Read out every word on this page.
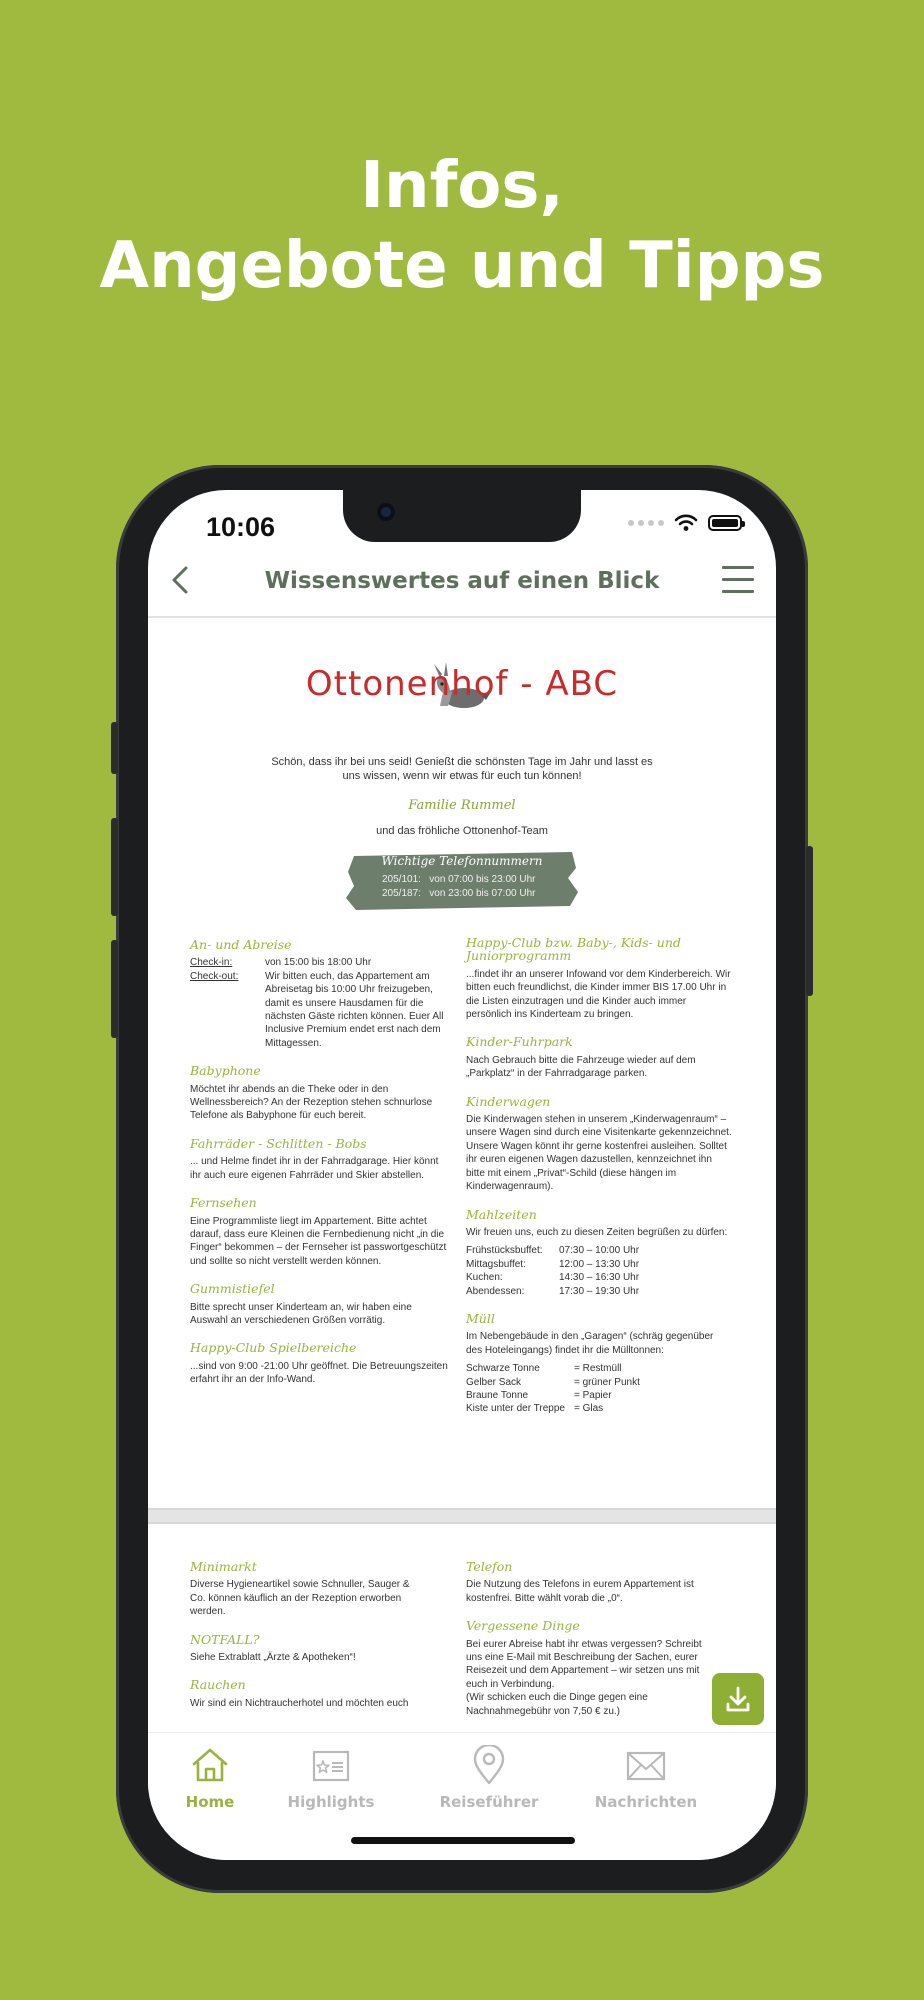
Infos,
Angebote und Tipps
10:06
Wissenswertes auf einen Blick
Ottonenhof - ABC
Schön, dass ihr bei uns seid! Genießt die schönsten Tage im Jahr und lasst es uns wissen, wenn wir etwas für euch tun können!
Familie Rummel
und das fröhliche Ottonenhof-Team
Wichtige Telefonnummern
205/101: von 07:00 bis 23:00 Uhr
205/187: von 23:00 bis 07:00 Uhr
An- und Abreise
Check-in:	von 15:00 bis 18:00 Uhr
Check-out:	Wir bitten euch, das Appartement am Abreisetag bis 10:00 Uhr freizugeben, damit es unsere Hausdamen für die nächsten Gäste richten können. Euer All Inclusive Premium endet erst nach dem Mittagessen.
Babyphone

Möchtet ihr abends an die Theke oder in den Wellnessbereich? An der Rezeption stehen schnurlose Telefone als Babyphone für euch bereit.

Fahrräder - Schlitten - Bobs

... und Helme findet ihr in der Fahrradgarage. Hier könnt ihr auch eure eigenen Fahrräder und Skier abstellen.

Fernsehen

Eine Programmliste liegt im Appartement. Bitte achtet darauf, dass eure Kleinen die Fernbedienung nicht „in die Finger“ bekommen – der Fernseher ist passwortgeschützt und sollte so nicht verstellt werden können.

Gummistiefel

Bitte sprecht unser Kinderteam an, wir haben eine Auswahl an verschiedenen Größen vorrätig.

Happy-Club Spielbereiche

...sind von 9:00 -21:00 Uhr geöffnet. Die Betreuungszeiten erfahrt ihr an der Info-Wand.

Happy-Club bzw. Baby-, Kids- und Juniorprogramm

...findet ihr an unserer Infowand vor dem Kinderbereich. Wir bitten euch freundlichst, die Kinder immer BIS 17.00 Uhr in die Listen einzutragen und die Kinder auch immer persönlich ins Kinderteam zu bringen.

Kinder-Fuhrpark

Nach Gebrauch bitte die Fahrzeuge wieder auf dem „Parkplatz“ in der Fahrradgarage parken.

Kinderwagen

Die Kinderwagen stehen in unserem „Kinderwagenraum“ – unsere Wagen sind durch eine Visitenkarte gekennzeichnet. Unsere Wagen könnt ihr gerne kostenfrei ausleihen. Solltet ihr euren eigenen Wagen dazustellen, kennzeichnet ihn bitte mit einem „Privat“-Schild (diese hängen im Kinderwagenraum).

Mahlzeiten

Wir freuen uns, euch zu diesen Zeiten begrüßen zu dürfen:

Frühstücksbuffet:	07:30 – 10:00 Uhr
Mittagsbuffet:	12:00 – 13:30 Uhr
Kuchen:	14:30 – 16:30 Uhr
Abendessen:	17:30 – 19:30 Uhr
Müll

Im Nebengebäude in den „Garagen“ (schräg gegenüber des Hoteleingangs) findet ihr die Mülltonnen:

Schwarze Tonne	= Restmüll
Gelber Sack	= grüner Punkt
Braune Tonne	= Papier
Kiste unter der Treppe = Glas
Minimarkt

Diverse Hygieneartikel sowie Schnuller, Sauger & Co. können käuflich an der Rezeption erworben werden.

NOTFALL?

Siehe Extrablatt „Ärzte & Apotheken“!

Rauchen

Wir sind ein Nichtraucherhotel und möchten euch

Telefon

Die Nutzung des Telefons in eurem Appartement ist kostenfrei. Bitte wählt vorab die „0“.

Vergessene Dinge

Bei eurer Abreise habt ihr etwas vergessen? Schreibt uns eine E-Mail mit Beschreibung der Sachen, eurer Reisezeit und dem Appartement – wir setzen uns mit euch in Verbindung.

(Wir schicken euch die Dinge gegen eine Nachnahmegebühr von 7,50 € zu.)

Home	Highlights	Reiseführer	Nachrichten
